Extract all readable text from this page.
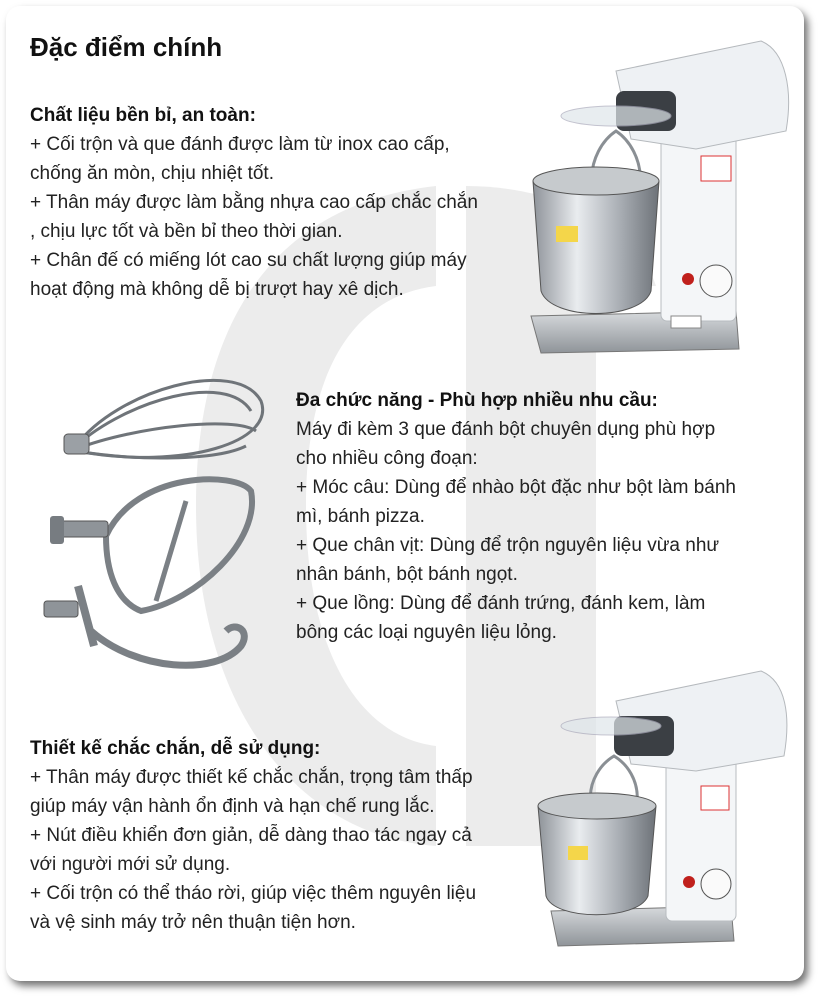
Đặc điểm chính

Chất liệu bền bỉ, an toàn:

+ Cối trộn và que đánh được làm từ inox cao cấp,

chống ăn mòn, chịu nhiệt tốt.

+ Thân máy được làm bằng nhựa cao cấp chắc chắn

, chịu lực tốt và bền bỉ theo thời gian.

+ Chân đế có miếng lót cao su chất lượng giúp máy

hoạt động mà không dễ bị trượt hay xê dịch.

Đa chức năng - Phù hợp nhiều nhu cầu:

Máy đi kèm 3 que đánh bột chuyên dụng phù hợp

cho nhiều công đoạn:

+ Móc câu: Dùng để nhào bột đặc như bột làm bánh

mì, bánh pizza.

+ Que chân vịt: Dùng để trộn nguyên liệu vừa như

nhân bánh, bột bánh ngọt.

+ Que lồng: Dùng để đánh trứng, đánh kem, làm

bông các loại nguyên liệu lỏng.

Thiết kế chắc chắn, dễ sử dụng:

+ Thân máy được thiết kế chắc chắn, trọng tâm thấp

giúp máy vận hành ổn định và hạn chế rung lắc.

+ Nút điều khiển đơn giản, dễ dàng thao tác ngay cả

với người mới sử dụng.

+ Cối trộn có thể tháo rời, giúp việc thêm nguyên liệu

và vệ sinh máy trở nên thuận tiện hơn.
